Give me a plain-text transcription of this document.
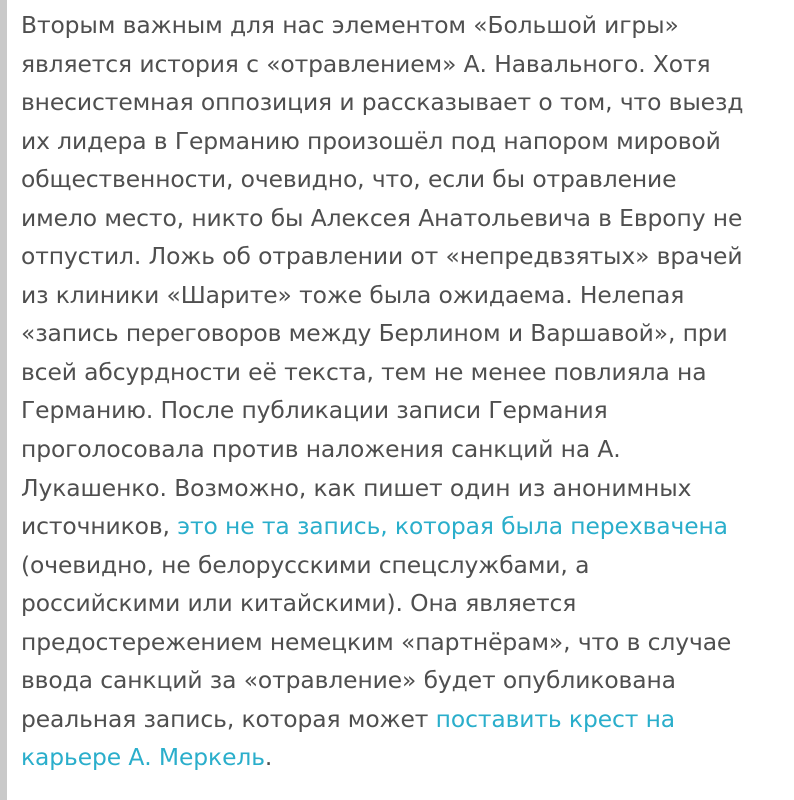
Вторым важным для нас элементом «Большой игры»
является история с «отравлением» А. Навального. Хотя
внесистемная оппозиция и рассказывает о том, что выезд
их лидера в Германию произошёл под напором мировой
общественности, очевидно, что, если бы отравление
имело место, никто бы Алексея Анатольевича в Европу не
отпустил. Ложь об отравлении от «непредвзятых» врачей
из клиники «Шарите» тоже была ожидаема. Нелепая
«запись переговоров между Берлином и Варшавой», при
всей абсурдности её текста, тем не менее повлияла на
Германию. После публикации записи Германия
проголосовала против наложения санкций на А.
Лукашенко. Возможно, как пишет один из анонимных
источников, это не та запись, которая была перехвачена
(очевидно, не белорусскими спецслужбами, а
российскими или китайскими). Она является
предостережением немецким «партнёрам», что в случае
ввода санкций за «отравление» будет опубликована
реальная запись, которая может поставить крест на
карьере А. Меркель.
